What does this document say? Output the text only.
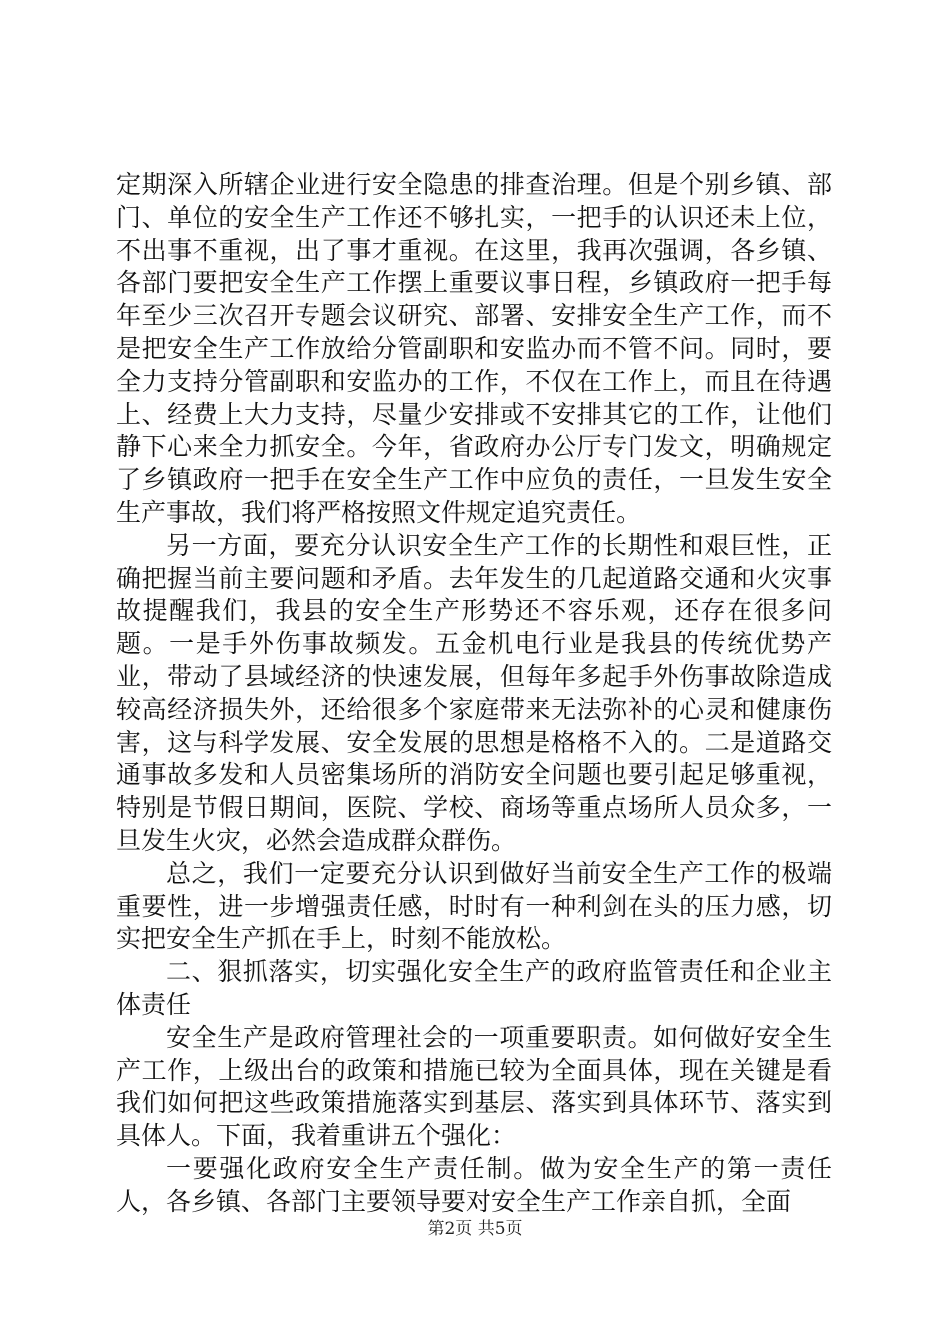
定期深入所辖企业进行安全隐患的排查治理。但是个别乡镇、部门、单位的安全生产工作还不够扎实，一把手的认识还未上位，不出事不重视，出了事才重视。在这里，我再次强调，各乡镇、各部门要把安全生产工作摆上重要议事日程，乡镇政府一把手每年至少三次召开专题会议研究、部署、安排安全生产工作，而不是把安全生产工作放给分管副职和安监办而不管不问。同时，要全力支持分管副职和安监办的工作，不仅在工作上，而且在待遇上、经费上大力支持，尽量少安排或不安排其它的工作，让他们静下心来全力抓安全。今年，省政府办公厅专门发文，明确规定了乡镇政府一把手在安全生产工作中应负的责任，一旦发生安全生产事故，我们将严格按照文件规定追究责任。

另一方面，要充分认识安全生产工作的长期性和艰巨性，正确把握当前主要问题和矛盾。去年发生的几起道路交通和火灾事故提醒我们，我县的安全生产形势还不容乐观，还存在很多问题。一是手外伤事故频发。五金机电行业是我县的传统优势产业，带动了县域经济的快速发展，但每年多起手外伤事故除造成较高经济损失外，还给很多个家庭带来无法弥补的心灵和健康伤害，这与科学发展、安全发展的思想是格格不入的。二是道路交通事故多发和人员密集场所的消防安全问题也要引起足够重视，特别是节假日期间，医院、学校、商场等重点场所人员众多，一旦发生火灾，必然会造成群众群伤。

总之，我们一定要充分认识到做好当前安全生产工作的极端重要性，进一步增强责任感，时时有一种利剑在头的压力感，切实把安全生产抓在手上，时刻不能放松。

二、狠抓落实，切实强化安全生产的政府监管责任和企业主体责任

安全生产是政府管理社会的一项重要职责。如何做好安全生产工作，上级出台的政策和措施已较为全面具体，现在关键是看我们如何把这些政策措施落实到基层、落实到具体环节、落实到具体人。下面，我着重讲五个强化：

一要强化政府安全生产责任制。做为安全生产的第一责任人，各乡镇、各部门主要领导要对安全生产工作亲自抓，全面

第2页 共5页
